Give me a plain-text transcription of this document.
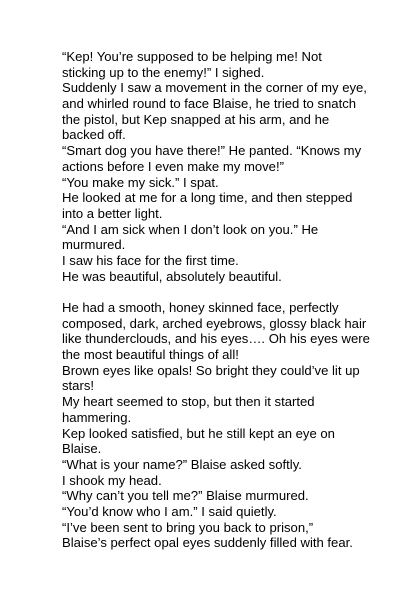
“Kep! You’re supposed to be helping me! Not
sticking up to the enemy!” I sighed.
Suddenly I saw a movement in the corner of my eye,
and whirled round to face Blaise, he tried to snatch
the pistol, but Kep snapped at his arm, and he
backed off.
“Smart dog you have there!” He panted. “Knows my
actions before I even make my move!”
“You make my sick.” I spat.
He looked at me for a long time, and then stepped
into a better light.
“And I am sick when I don’t look on you.” He
murmured.
I saw his face for the first time.
He was beautiful, absolutely beautiful.
He had a smooth, honey skinned face, perfectly
composed, dark, arched eyebrows, glossy black hair
like thunderclouds, and his eyes…. Oh his eyes were
the most beautiful things of all!
Brown eyes like opals! So bright they could’ve lit up
stars!
My heart seemed to stop, but then it started
hammering.
Kep looked satisfied, but he still kept an eye on
Blaise.
“What is your name?” Blaise asked softly.
I shook my head.
“Why can’t you tell me?” Blaise murmured.
“You’d know who I am.” I said quietly.
“I’ve been sent to bring you back to prison,”
Blaise’s perfect opal eyes suddenly filled with fear.
